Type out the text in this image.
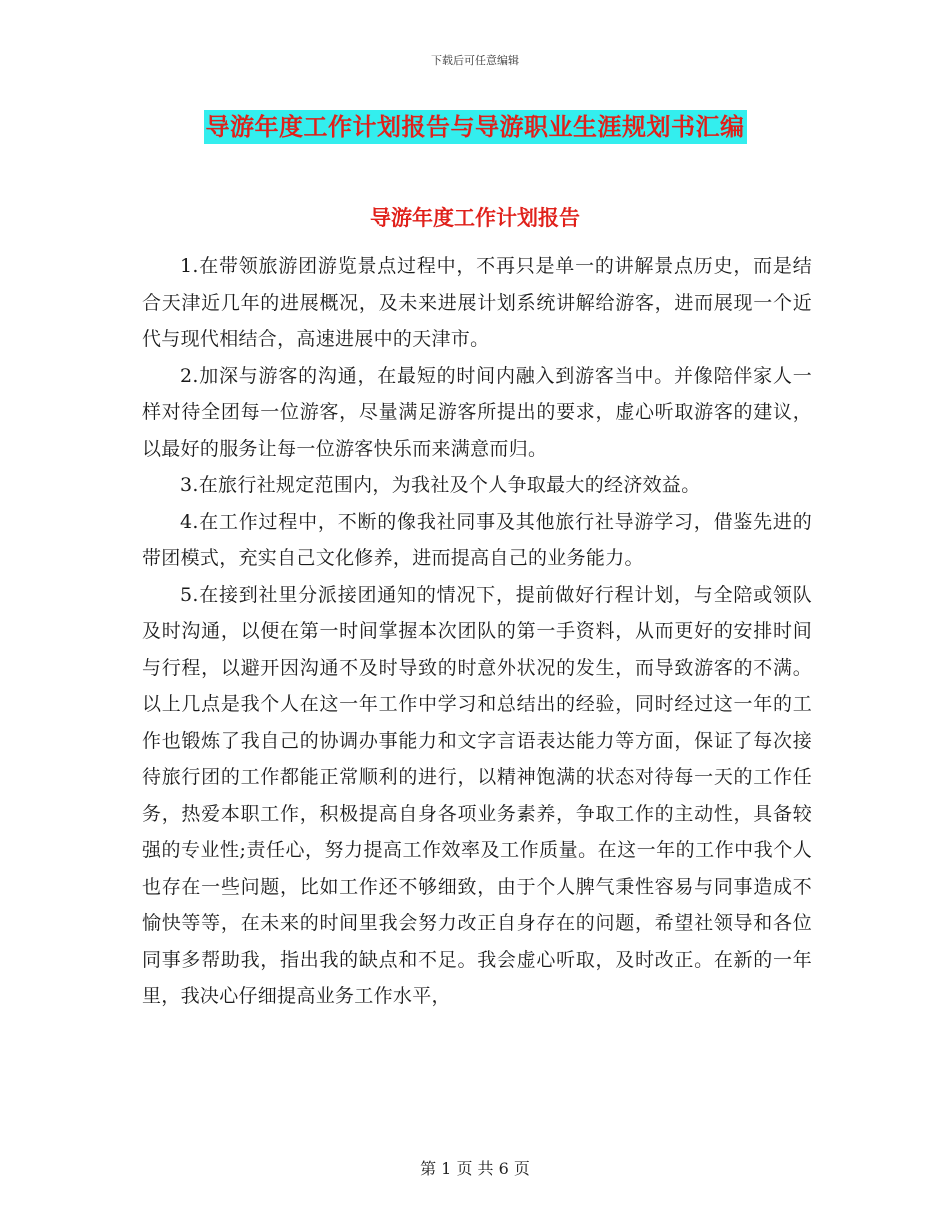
下载后可任意编辑
导游年度工作计划报告与导游职业生涯规划书汇编
导游年度工作计划报告

1.在带领旅游团游览景点过程中，不再只是单一的讲解景点历史，而是结合天津近几年的进展概况，及未来进展计划系统讲解给游客，进而展现一个近代与现代相结合，高速进展中的天津市。

2.加深与游客的沟通，在最短的时间内融入到游客当中。并像陪伴家人一样对待全团每一位游客，尽量满足游客所提出的要求，虚心听取游客的建议，以最好的服务让每一位游客快乐而来满意而归。

3.在旅行社规定范围内，为我社及个人争取最大的经济效益。

4.在工作过程中，不断的像我社同事及其他旅行社导游学习，借鉴先进的带团模式，充实自己文化修养，进而提高自己的业务能力。

5.在接到社里分派接团通知的情况下，提前做好行程计划，与全陪或领队及时沟通，以便在第一时间掌握本次团队的第一手资料，从而更好的安排时间与行程，以避开因沟通不及时导致的时意外状况的发生，而导致游客的不满。以上几点是我个人在这一年工作中学习和总结出的经验，同时经过这一年的工作也锻炼了我自己的协调办事能力和文字言语表达能力等方面，保证了每次接待旅行团的工作都能正常顺利的进行，以精神饱满的状态对待每一天的工作任务，热爱本职工作，积极提高自身各项业务素养，争取工作的主动性，具备较强的专业性;责任心，努力提高工作效率及工作质量。在这一年的工作中我个人也存在一些问题，比如工作还不够细致，由于个人脾气秉性容易与同事造成不愉快等等，在未来的时间里我会努力改正自身存在的问题，希望社领导和各位同事多帮助我，指出我的缺点和不足。我会虚心听取，及时改正。在新的一年里，我决心仔细提高业务工作水平，

第 1 页 共 6 页
